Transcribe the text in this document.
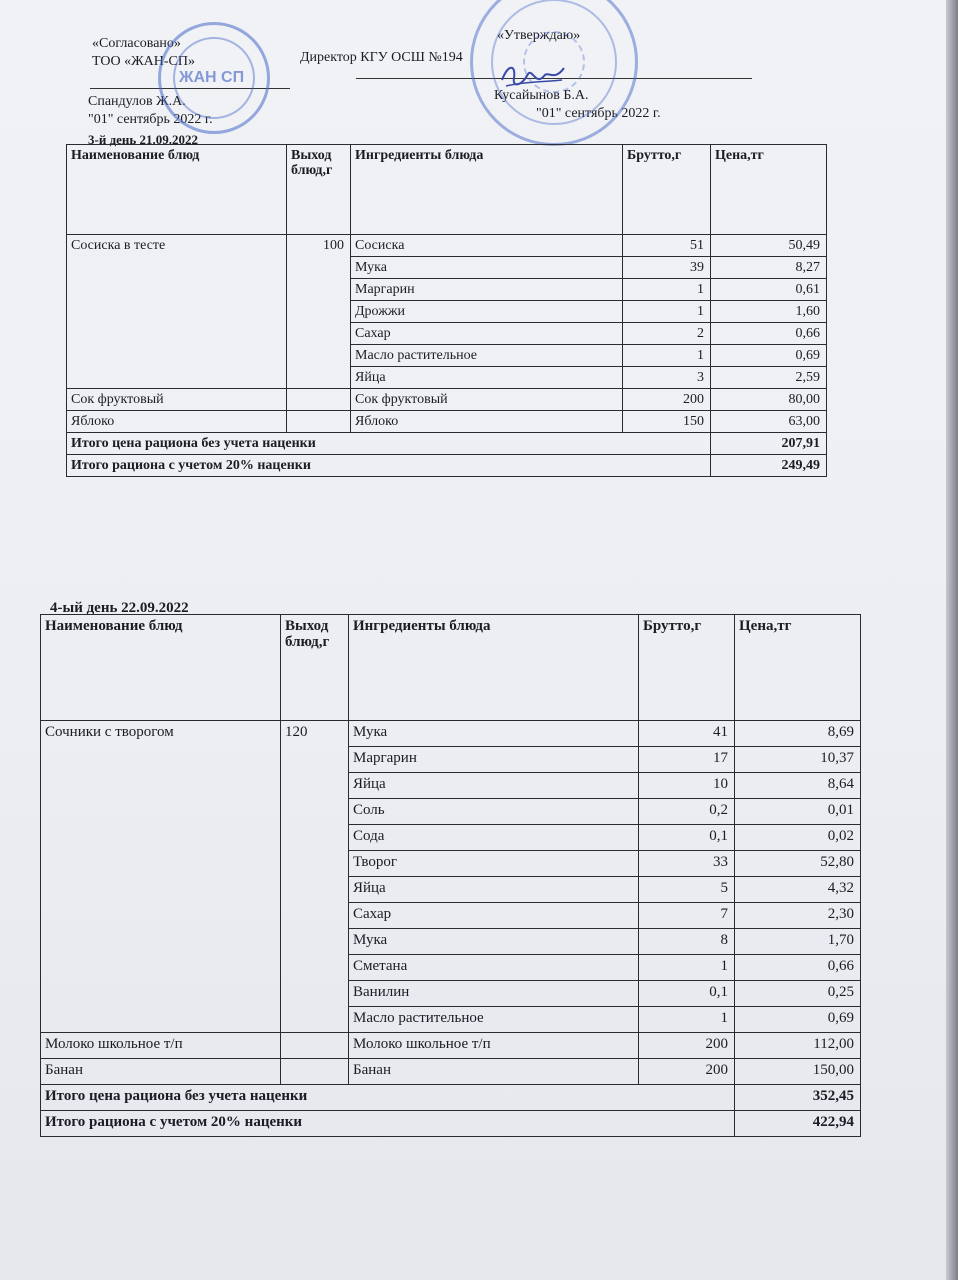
«Согласовано»
ТОО «ЖАН-СП»
Спандулов Ж.А.
"01" сентябрь 2022 г.
Директор КГУ ОСШ №194
«Утверждаю»
Кусайынов Б.А.
"01" сентябрь 2022 г.
ЖАН СП
3-й день 21.09.2022
Наименование блюд	Выход блюд,г	Ингредиенты блюда	Брутто,г	Цена,тг
Сосиска в тесте	100	Сосиска	51	50,49
		Мука	39	8,27
		Маргарин	1	0,61
		Дрожжи	1	1,60
		Сахар	2	0,66
		Масло растительное	1	0,69
		Яйца	3	2,59
Сок фруктовый		Сок фруктовый	200	80,00
Яблоко		Яблоко	150	63,00
Итого цена рациона без учета наценки				207,91
Итого рациона с учетом 20% наценки				249,49
4-ый день 22.09.2022
Наименование блюд	Выход блюд,г	Ингредиенты блюда	Брутто,г	Цена,тг
Сочники с творогом	120	Мука	41	8,69
		Маргарин	17	10,37
		Яйца	10	8,64
		Соль	0,2	0,01
		Сода	0,1	0,02
		Творог	33	52,80
		Яйца	5	4,32
		Сахар	7	2,30
		Мука	8	1,70
		Сметана	1	0,66
		Ванилин	0,1	0,25
		Масло растительное	1	0,69
Молоко школьное т/п		Молоко школьное т/п	200	112,00
Банан		Банан	200	150,00
Итого цена рациона без учета наценки				352,45
Итого рациона с учетом 20% наценки				422,94
